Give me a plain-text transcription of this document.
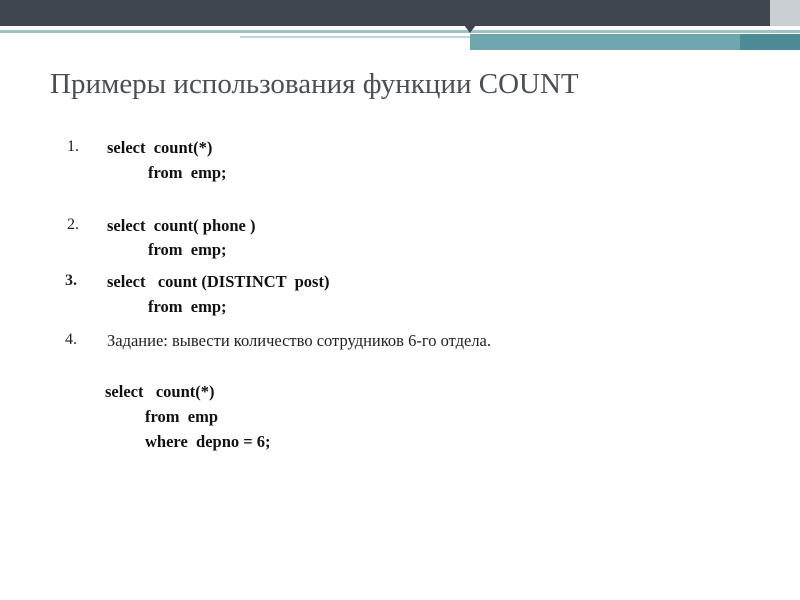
Примеры использования функции COUNT
1. select  count(*)
from  emp;
2. select  count( phone )
from  emp;
3. select   count (DISTINCT  post)
from  emp;
4. Задание: вывести количество сотрудников 6-го отдела.
select   count(*)
from  emp
where  depno = 6;
